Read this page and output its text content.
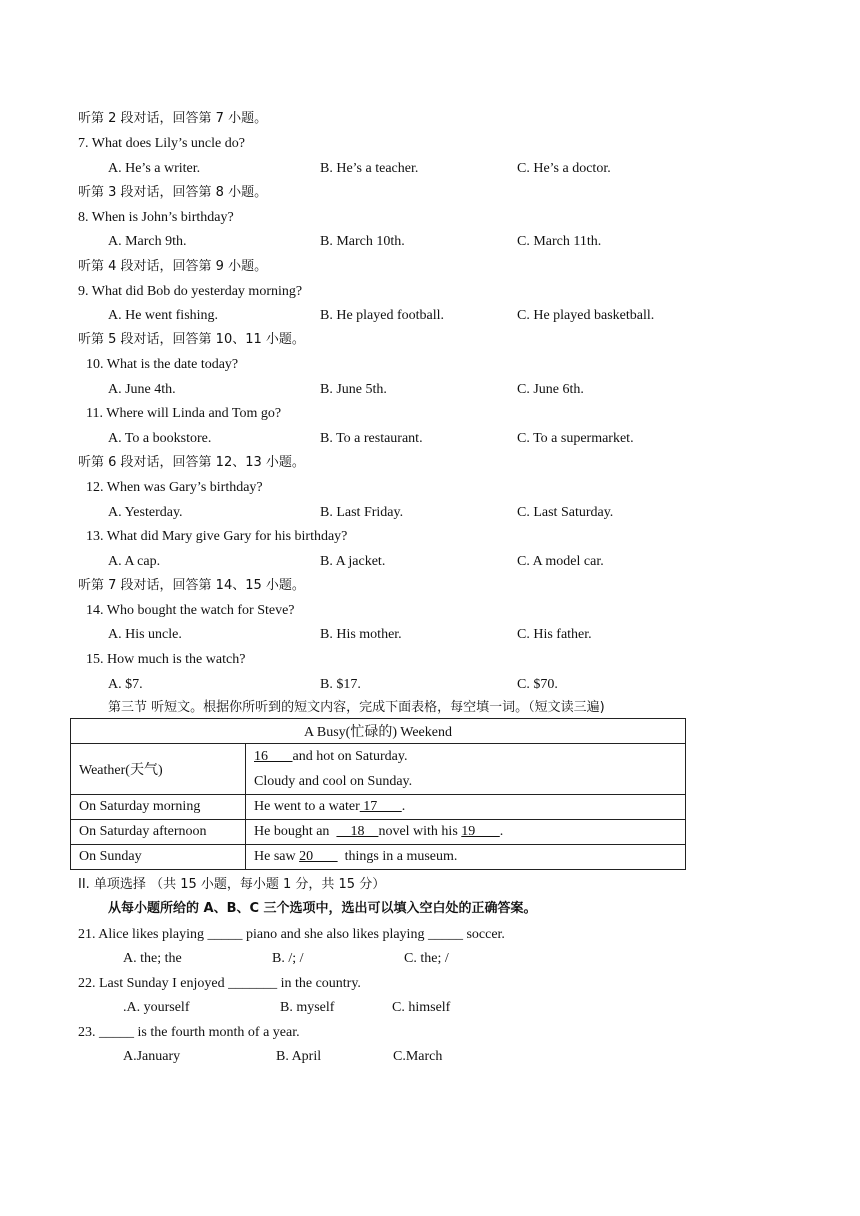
听第 2 段对话，回答第 7 小题。
7. What does Lily’s uncle do?
A. He’s a writer.	B. He’s a teacher.	C. He’s a doctor.
听第 3 段对话，回答第 8 小题。
8. When is John’s birthday?
A. March 9th.	B. March 10th.	C. March 11th.
听第 4 段对话，回答第 9 小题。
9. What did Bob do yesterday morning?
A. He went fishing.	B. He played football.	C. He played basketball.
听第 5 段对话，回答第 10、11 小题。
10. What is the date today?
A. June 4th.	B. June 5th.	C. June 6th.
11. Where will Linda and Tom go?
A. To a bookstore.	B. To a restaurant.	C. To a supermarket.
听第 6 段对话，回答第 12、13 小题。
12. When was Gary’s birthday?
A. Yesterday.	B. Last Friday.	C. Last Saturday.
13. What did Mary give Gary for his birthday?
A. A cap.	B. A jacket.	C. A model car.
听第 7 段对话，回答第 14、15 小题。
14. Who bought the watch for Steve?
A. His uncle.	B. His mother.	C. His father.
15. How much is the watch?
A. $7.	B. $17.	C. $70.
第三节 听短文。根据你所听到的短文内容，完成下面表格，每空填一词。（短文读三遍)
A Busy(忙碌的) Weekend	
Weather(天气)	16       and hot on Saturday.
Cloudy and cool on Sunday.

On Saturday morning	He went to a water 17       .
On Saturday afternoon	He bought an      18    novel with his 19       .
On Sunday	He saw 20         things in a museum.
II. 单项选择 （共 15 小题，每小题 1 分，共 15 分）
从每小题所给的 A、B、C 三个选项中，选出可以填入空白处的正确答案。
21. Alice likes playing _____ piano and she also likes playing _____ soccer.
A. the; the	B. /; /	C. the; /
22. Last Sunday I enjoyed _______ in the country.
.A. yourself	B. myself	C. himself
23. _____ is the fourth month of a year.
A.January	B. April	C.March
